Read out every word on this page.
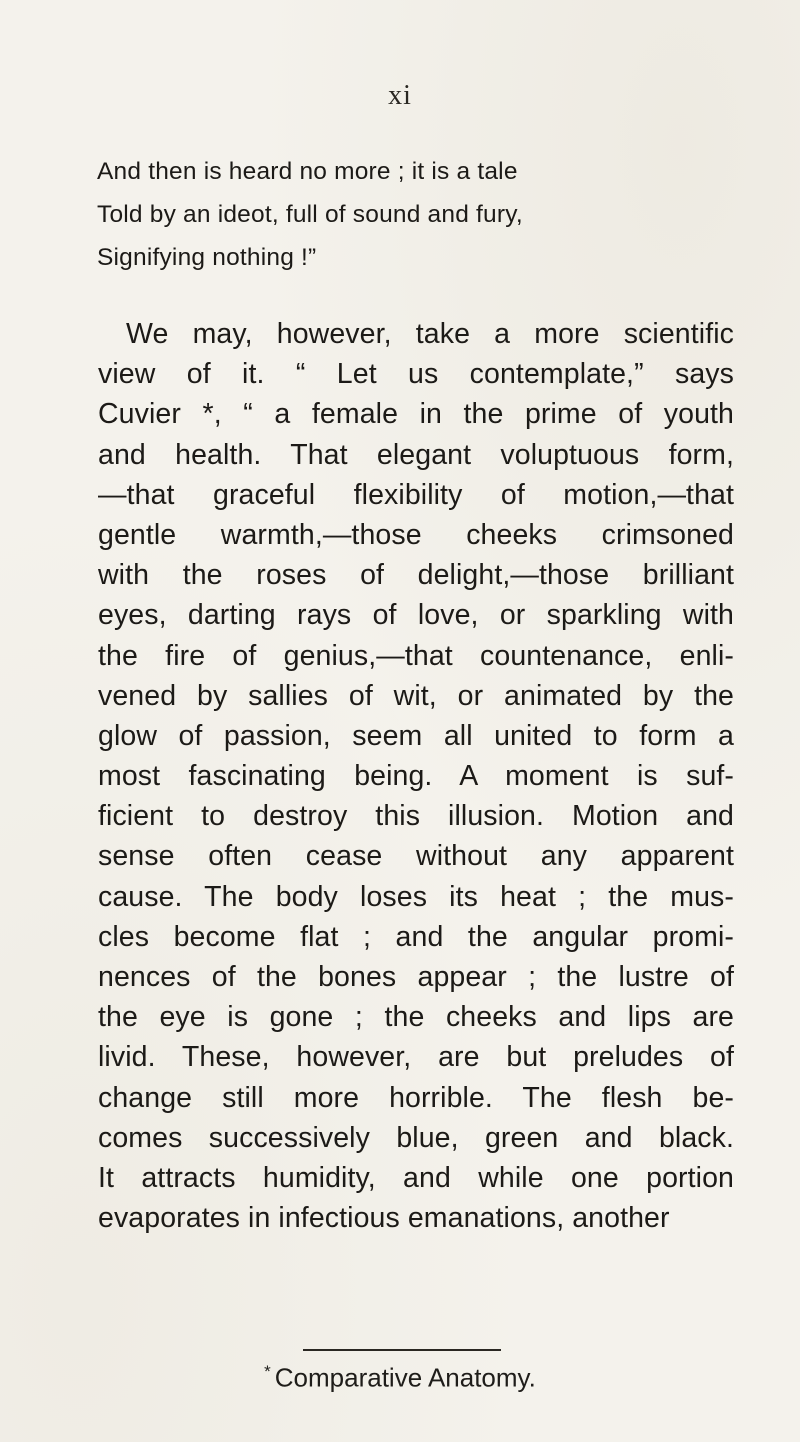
xi
And then is heard no more ; it is a tale
Told by an ideot, full of sound and fury,
Signifying nothing !”
We may, however, take a more scientific
view of it. “ Let us contemplate,” says
Cuvier *, “ a female in the prime of youth
and health. That elegant voluptuous form,
—that graceful flexibility of motion,—that
gentle warmth,—those cheeks crimsoned
with the roses of delight,—those brilliant
eyes, darting rays of love, or sparkling with
the fire of genius,—that countenance, enli-
vened by sallies of wit, or animated by the
glow of passion, seem all united to form a
most fascinating being. A moment is suf-
ficient to destroy this illusion. Motion and
sense often cease without any apparent
cause. The body loses its heat ; the mus-
cles become flat ; and the angular promi-
nences of the bones appear ; the lustre of
the eye is gone ; the cheeks and lips are
livid. These, however, are but preludes of
change still more horrible. The flesh be-
comes successively blue, green and black.
It attracts humidity, and while one portion
evaporates in infectious emanations, another
* Comparative Anatomy.
